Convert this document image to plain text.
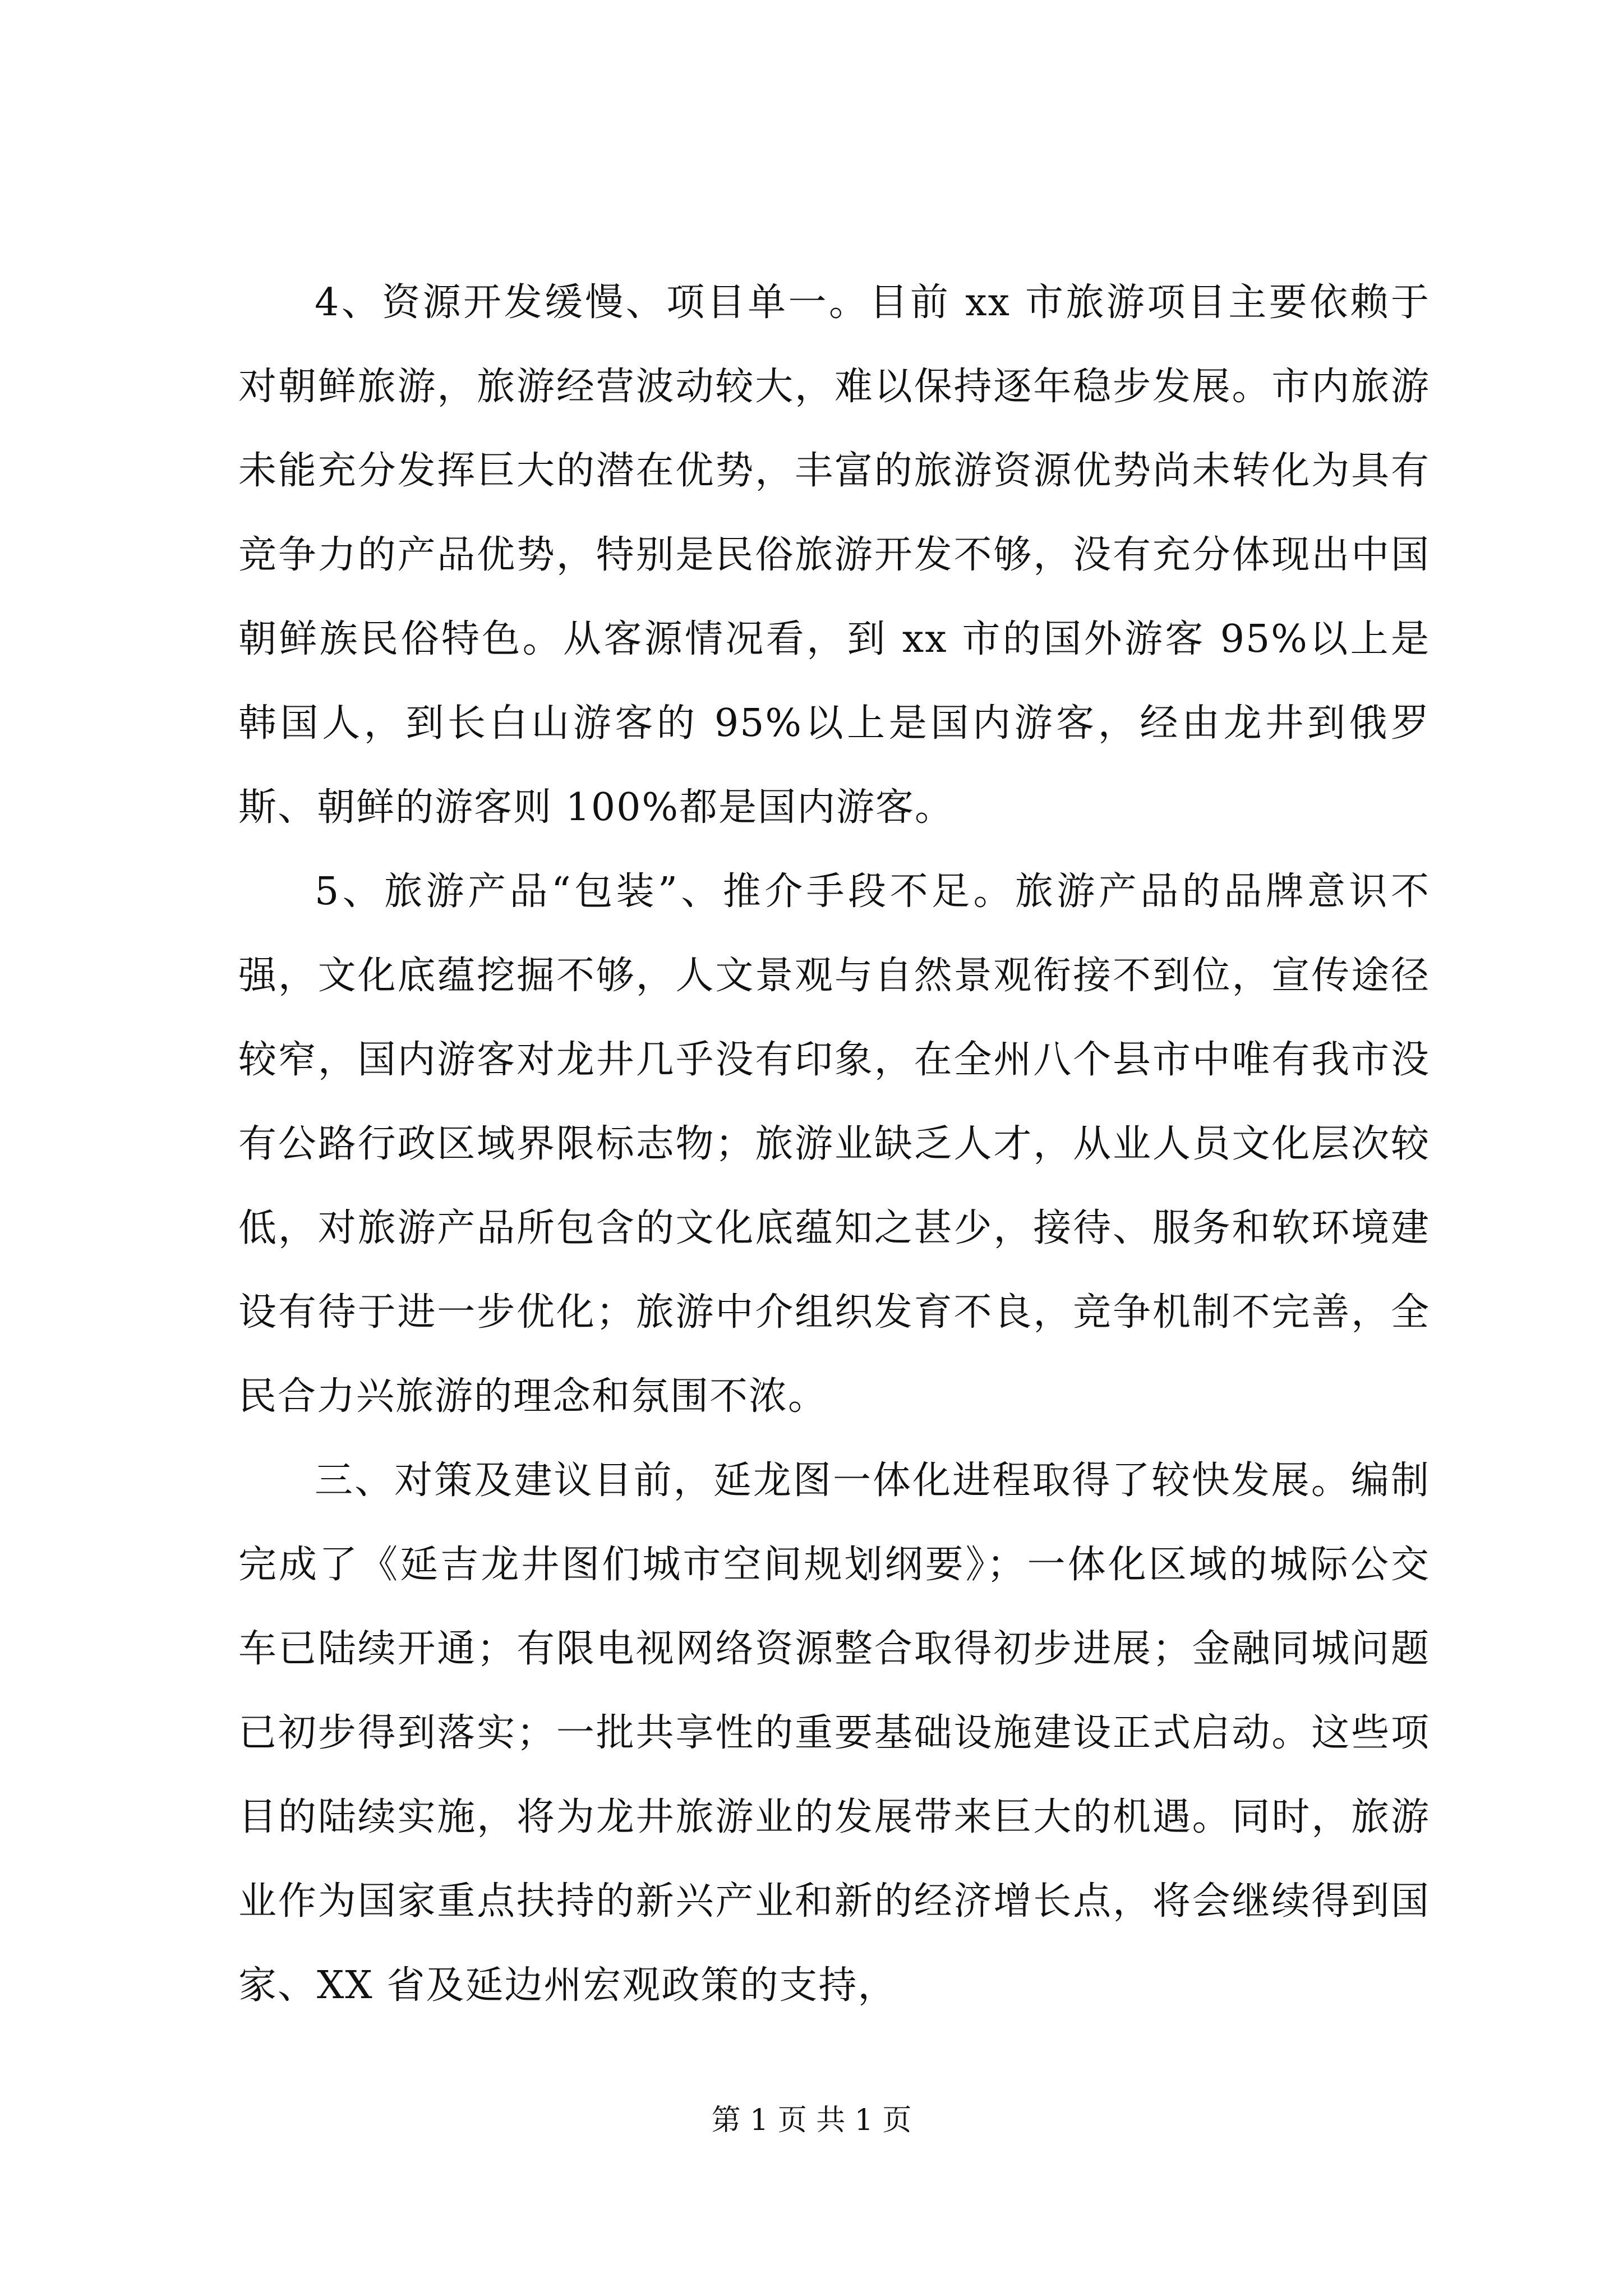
4、资源开发缓慢、项目单一。目前 xx 市旅游项目主要依赖于对朝鲜旅游，旅游经营波动较大，难以保持逐年稳步发展。市内旅游未能充分发挥巨大的潜在优势，丰富的旅游资源优势尚未转化为具有竞争力的产品优势，特别是民俗旅游开发不够，没有充分体现出中国朝鲜族民俗特色。从客源情况看，到 xx 市的国外游客 95%以上是韩国人，到长白山游客的 95%以上是国内游客，经由龙井到俄罗斯、朝鲜的游客则 100%都是国内游客。

5、旅游产品“包装”、推介手段不足。旅游产品的品牌意识不强，文化底蕴挖掘不够，人文景观与自然景观衔接不到位，宣传途径较窄，国内游客对龙井几乎没有印象，在全州八个县市中唯有我市没有公路行政区域界限标志物；旅游业缺乏人才，从业人员文化层次较低，对旅游产品所包含的文化底蕴知之甚少，接待、服务和软环境建设有待于进一步优化；旅游中介组织发育不良，竞争机制不完善，全民合力兴旅游的理念和氛围不浓。

三、对策及建议目前，延龙图一体化进程取得了较快发展。编制完成了《延吉龙井图们城市空间规划纲要》；一体化区域的城际公交车已陆续开通；有限电视网络资源整合取得初步进展；金融同城问题已初步得到落实；一批共享性的重要基础设施建设正式启动。这些项目的陆续实施，将为龙井旅游业的发展带来巨大的机遇。同时，旅游业作为国家重点扶持的新兴产业和新的经济增长点，将会继续得到国家、XX 省及延边州宏观政策的支持，

第 1 页 共 1 页
